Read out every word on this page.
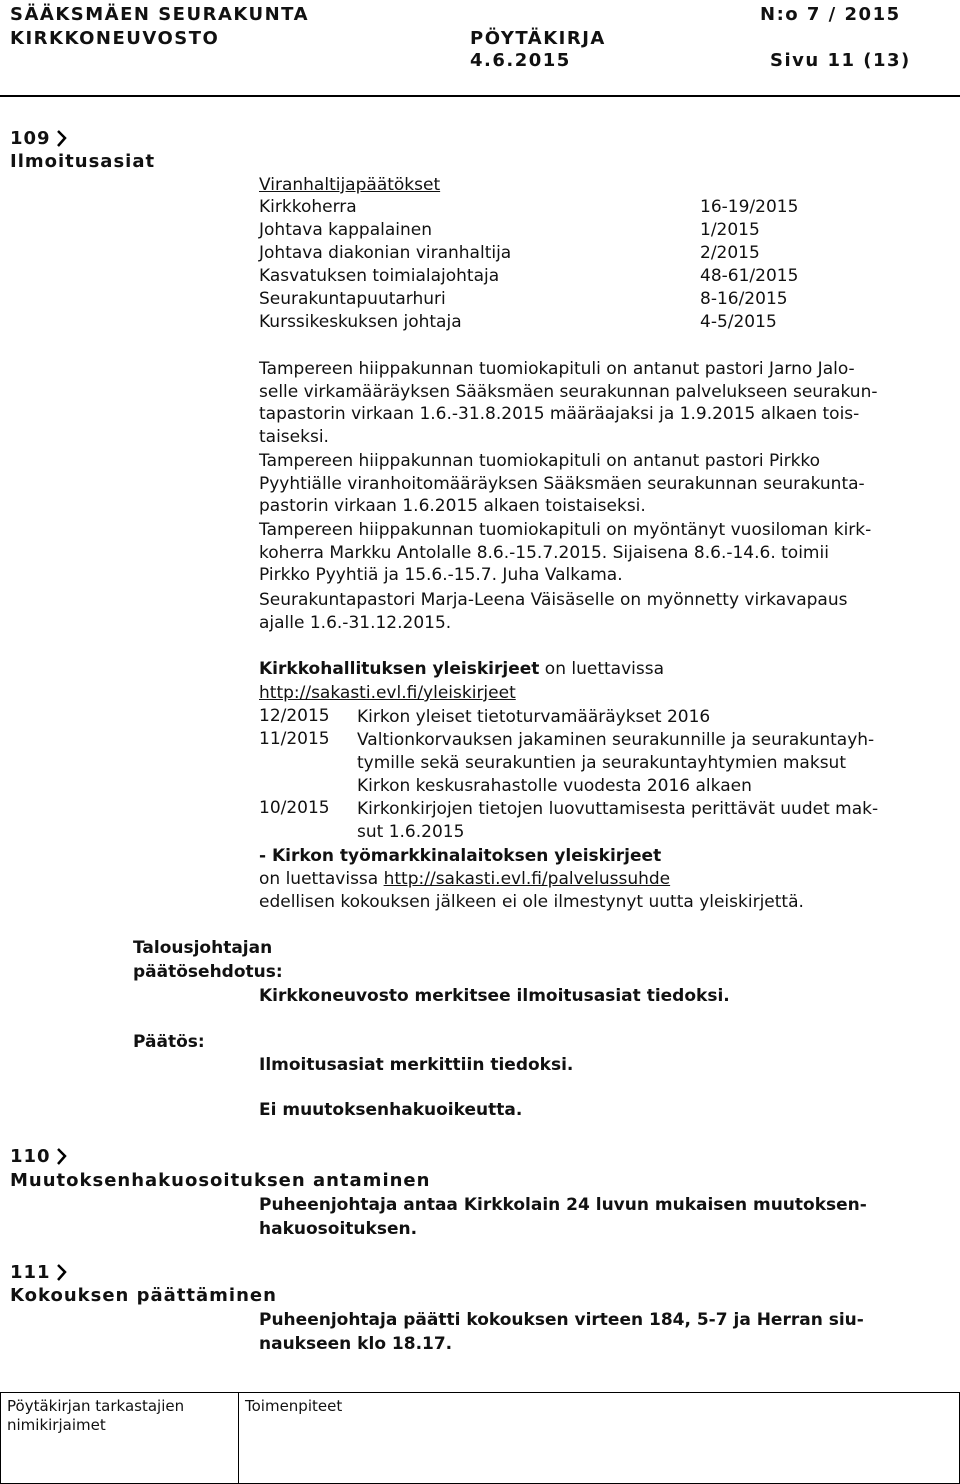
SÄÄKSMÄEN SEURAKUNTA	N:o 7 / 2015
KIRKKONEUVOSTO	PÖYTÄKIRJA
4.6.2015	Sivu 11 (13)
109
Ilmoitusasiat
Viranhaltijapäätökset
Kirkkoherra	16-19/2015
Johtava kappalainen	1/2015
Johtava diakonian viranhaltija	2/2015
Kasvatuksen toimialajohtaja	48-61/2015
Seurakuntapuutarhuri	8-16/2015
Kurssikeskuksen johtaja	4-5/2015
Tampereen hiippakunnan tuomiokapituli on antanut pastori Jarno Jalo-
selle virkamääräyksen Sääksmäen seurakunnan palvelukseen seurakun-
tapastorin virkaan 1.6.-31.8.2015 määräajaksi ja 1.9.2015 alkaen tois-
taiseksi.
Tampereen hiippakunnan tuomiokapituli on antanut pastori Pirkko
Pyyhtiälle viranhoitomääräyksen Sääksmäen seurakunnan seurakunta-
pastorin virkaan 1.6.2015 alkaen toistaiseksi.
Tampereen hiippakunnan tuomiokapituli on myöntänyt vuosiloman kirk-
koherra Markku Antolalle 8.6.-15.7.2015. Sijaisena 8.6.-14.6. toimii
Pirkko Pyyhtiä ja 15.6.-15.7. Juha Valkama.
Seurakuntapastori Marja-Leena Väisäselle on myönnetty virkavapaus
ajalle 1.6.-31.12.2015.
Kirkkohallituksen yleiskirjeet on luettavissa
http://sakasti.evl.fi/yleiskirjeet
12/2015 Kirkon yleiset tietoturvamääräykset 2016
11/2015 Valtionkorvauksen jakaminen seurakunnille ja seurakuntayh-
tymille sekä seurakuntien ja seurakuntayhtymien maksut
Kirkon keskusrahastolle vuodesta 2016 alkaen
10/2015 Kirkonkirjojen tietojen luovuttamisesta perittävät uudet mak-
sut 1.6.2015
- Kirkon työmarkkinalaitoksen yleiskirjeet
on luettavissa http://sakasti.evl.fi/palvelussuhde
edellisen kokouksen jälkeen ei ole ilmestynyt uutta yleiskirjettä.
Talousjohtajan
päätösehdotus:
Kirkkoneuvosto merkitsee ilmoitusasiat tiedoksi.
Päätös:
Ilmoitusasiat merkittiin tiedoksi.
Ei muutoksenhakuoikeutta.
110
Muutoksenhakuosoituksen antaminen
Puheenjohtaja antaa Kirkkolain 24 luvun mukaisen muutoksen-
hakuosoituksen.
111
Kokouksen päättäminen
Puheenjohtaja päätti kokouksen virteen 184, 5-7 ja Herran siu-
naukseen klo 18.17.
Pöytäkirjan tarkastajien
nimikirjaimet
Toimenpiteet
